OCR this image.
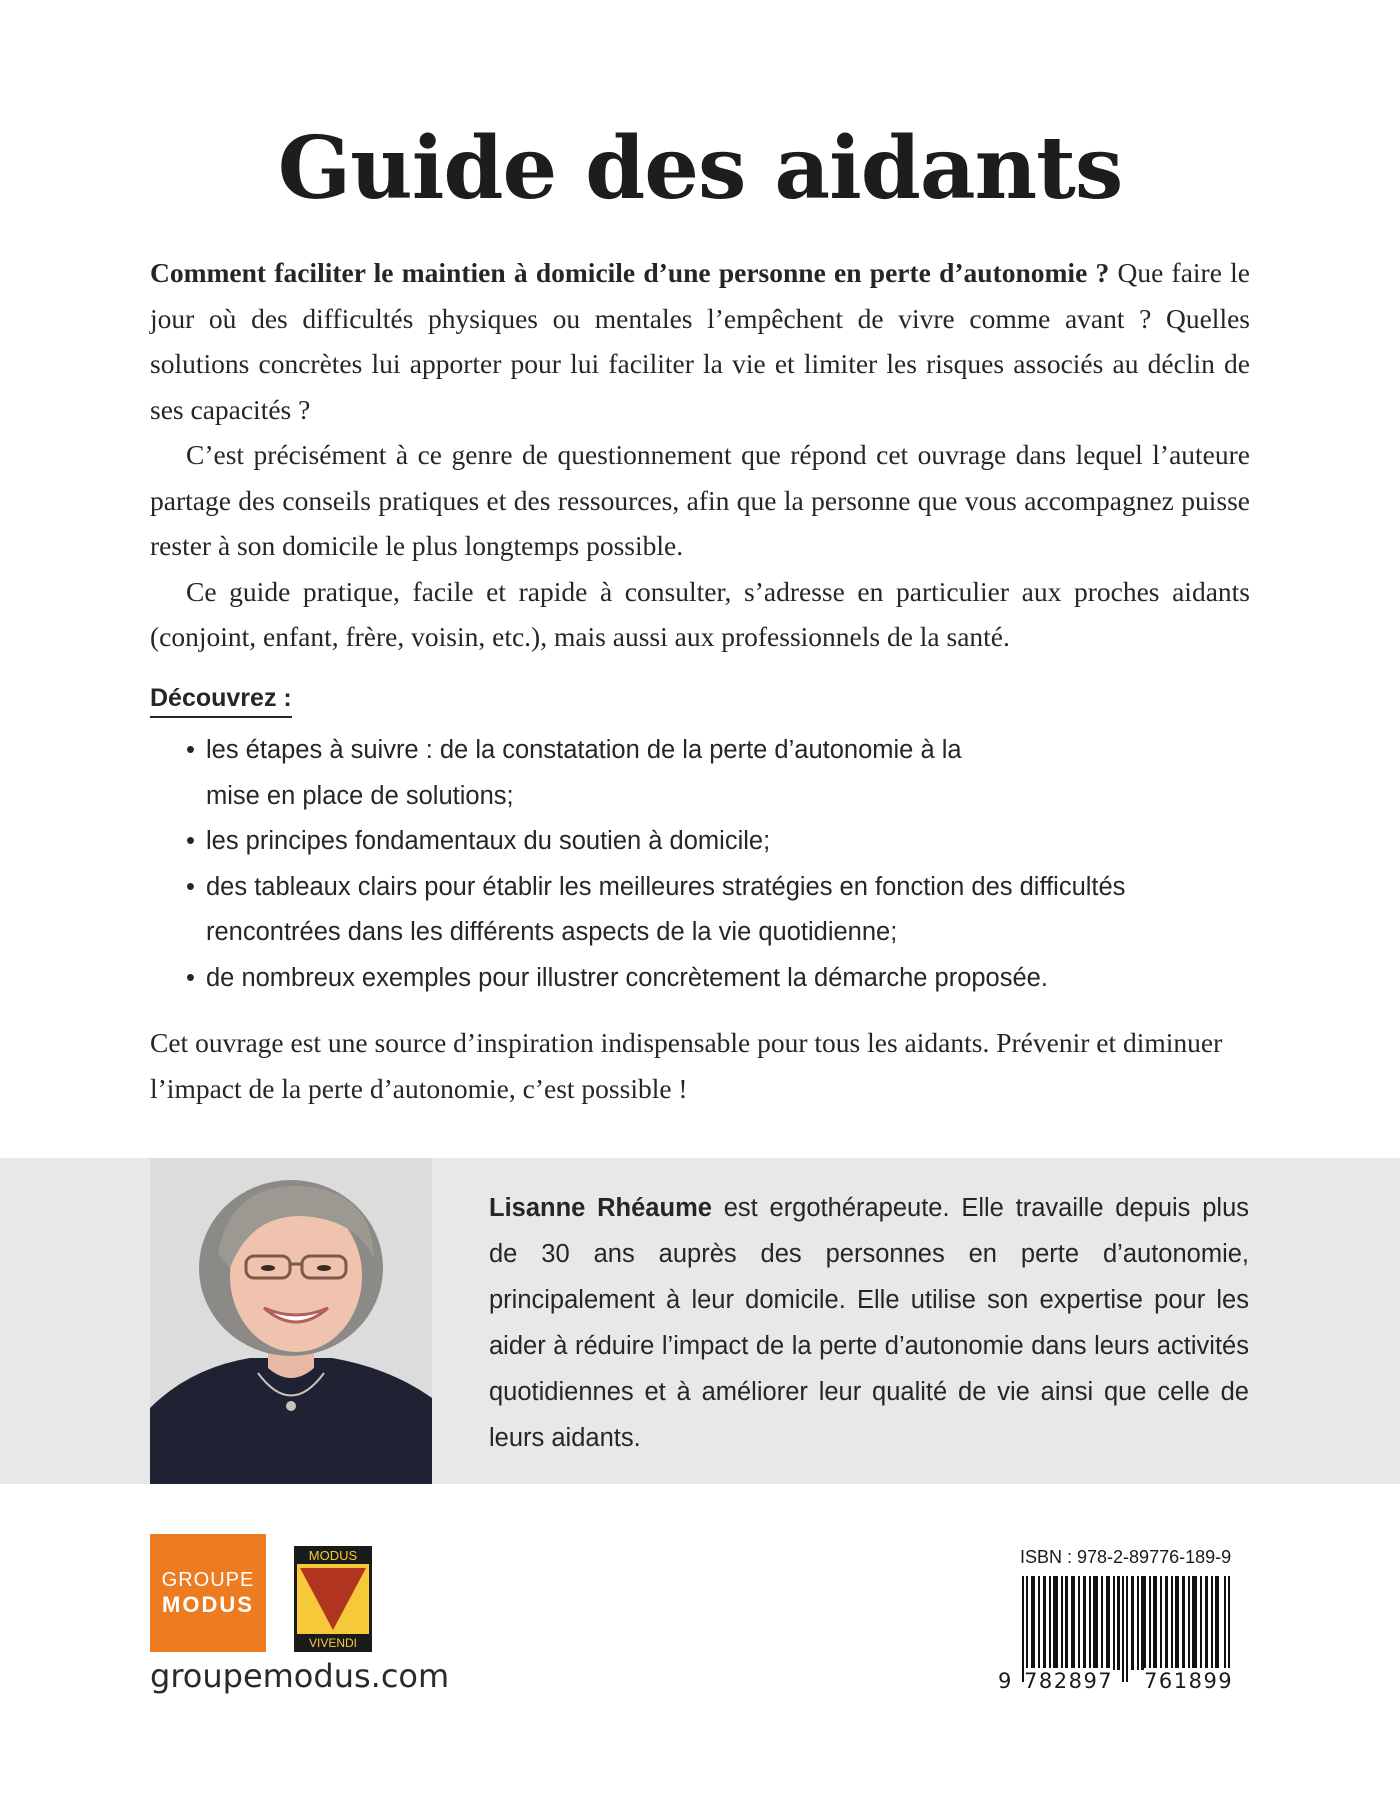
Guide des aidants

Comment faciliter le maintien à domicile d’une personne en perte d’autonomie ? Que faire le jour où des difficultés physiques ou mentales l’empêchent de vivre comme avant ? Quelles solutions concrètes lui apporter pour lui faciliter la vie et limiter les risques associés au déclin de ses capacités ?

C’est précisément à ce genre de questionnement que répond cet ouvrage dans lequel l’auteure partage des conseils pratiques et des ressources, afin que la personne que vous accompagnez puisse rester à son domicile le plus longtemps possible.

Ce guide pratique, facile et rapide à consulter, s’adresse en particulier aux proches aidants (conjoint, enfant, frère, voisin, etc.), mais aussi aux professionnels de la santé.

Découvrez :
• les étapes à suivre : de la constatation de la perte d’autonomie à la mise en place de solutions;
• les principes fondamentaux du soutien à domicile;
• des tableaux clairs pour établir les meilleures stratégies en fonction des difficultés rencontrées dans les différents aspects de la vie quotidienne;
• de nombreux exemples pour illustrer concrètement la démarche proposée.

Cet ouvrage est une source d’inspiration indispensable pour tous les aidants. Prévenir et diminuer l’impact de la perte d’autonomie, c’est possible !

Lisanne Rhéaume est ergothérapeute. Elle travaille depuis plus de 30 ans auprès des personnes en perte d’autonomie, principalement à leur domicile. Elle utilise son expertise pour les aider à réduire l’impact de la perte d’autonomie dans leurs activités quotidiennes et à améliorer leur qualité de vie ainsi que celle de leurs aidants.

GROUPE
MODUS
MODUS
VIVENDI
groupemodus.com
ISBN : 978-2-89776-189-9
9 782897 761899
